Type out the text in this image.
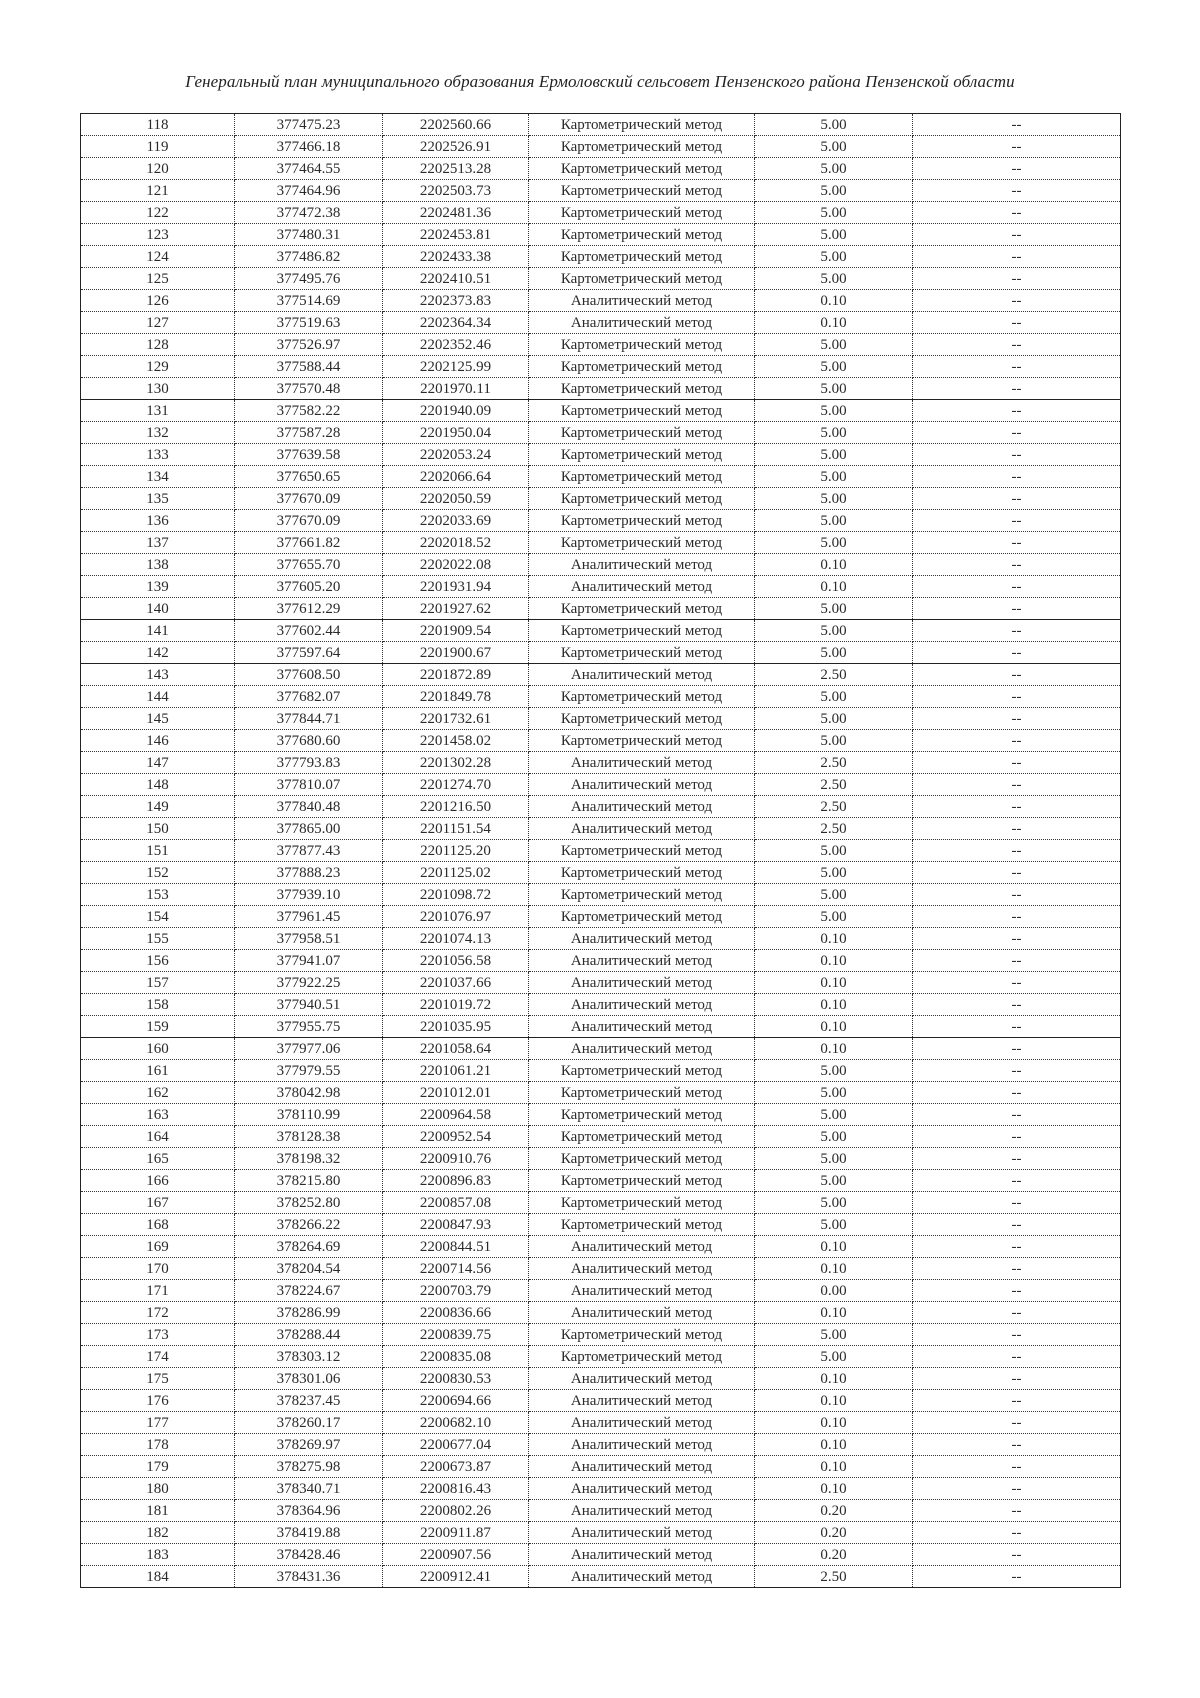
Генеральный план муниципального образования Ермоловский сельсовет Пензенского района Пензенской области
118	377475.23	2202560.66	Картометрический метод	5.00	--
119	377466.18	2202526.91	Картометрический метод	5.00	--
120	377464.55	2202513.28	Картометрический метод	5.00	--
121	377464.96	2202503.73	Картометрический метод	5.00	--
122	377472.38	2202481.36	Картометрический метод	5.00	--
123	377480.31	2202453.81	Картометрический метод	5.00	--
124	377486.82	2202433.38	Картометрический метод	5.00	--
125	377495.76	2202410.51	Картометрический метод	5.00	--
126	377514.69	2202373.83	Аналитический метод	0.10	--
127	377519.63	2202364.34	Аналитический метод	0.10	--
128	377526.97	2202352.46	Картометрический метод	5.00	--
129	377588.44	2202125.99	Картометрический метод	5.00	--
130	377570.48	2201970.11	Картометрический метод	5.00	--
131	377582.22	2201940.09	Картометрический метод	5.00	--
132	377587.28	2201950.04	Картометрический метод	5.00	--
133	377639.58	2202053.24	Картометрический метод	5.00	--
134	377650.65	2202066.64	Картометрический метод	5.00	--
135	377670.09	2202050.59	Картометрический метод	5.00	--
136	377670.09	2202033.69	Картометрический метод	5.00	--
137	377661.82	2202018.52	Картометрический метод	5.00	--
138	377655.70	2202022.08	Аналитический метод	0.10	--
139	377605.20	2201931.94	Аналитический метод	0.10	--
140	377612.29	2201927.62	Картометрический метод	5.00	--
141	377602.44	2201909.54	Картометрический метод	5.00	--
142	377597.64	2201900.67	Картометрический метод	5.00	--
143	377608.50	2201872.89	Аналитический метод	2.50	--
144	377682.07	2201849.78	Картометрический метод	5.00	--
145	377844.71	2201732.61	Картометрический метод	5.00	--
146	377680.60	2201458.02	Картометрический метод	5.00	--
147	377793.83	2201302.28	Аналитический метод	2.50	--
148	377810.07	2201274.70	Аналитический метод	2.50	--
149	377840.48	2201216.50	Аналитический метод	2.50	--
150	377865.00	2201151.54	Аналитический метод	2.50	--
151	377877.43	2201125.20	Картометрический метод	5.00	--
152	377888.23	2201125.02	Картометрический метод	5.00	--
153	377939.10	2201098.72	Картометрический метод	5.00	--
154	377961.45	2201076.97	Картометрический метод	5.00	--
155	377958.51	2201074.13	Аналитический метод	0.10	--
156	377941.07	2201056.58	Аналитический метод	0.10	--
157	377922.25	2201037.66	Аналитический метод	0.10	--
158	377940.51	2201019.72	Аналитический метод	0.10	--
159	377955.75	2201035.95	Аналитический метод	0.10	--
160	377977.06	2201058.64	Аналитический метод	0.10	--
161	377979.55	2201061.21	Картометрический метод	5.00	--
162	378042.98	2201012.01	Картометрический метод	5.00	--
163	378110.99	2200964.58	Картометрический метод	5.00	--
164	378128.38	2200952.54	Картометрический метод	5.00	--
165	378198.32	2200910.76	Картометрический метод	5.00	--
166	378215.80	2200896.83	Картометрический метод	5.00	--
167	378252.80	2200857.08	Картометрический метод	5.00	--
168	378266.22	2200847.93	Картометрический метод	5.00	--
169	378264.69	2200844.51	Аналитический метод	0.10	--
170	378204.54	2200714.56	Аналитический метод	0.10	--
171	378224.67	2200703.79	Аналитический метод	0.00	--
172	378286.99	2200836.66	Аналитический метод	0.10	--
173	378288.44	2200839.75	Картометрический метод	5.00	--
174	378303.12	2200835.08	Картометрический метод	5.00	--
175	378301.06	2200830.53	Аналитический метод	0.10	--
176	378237.45	2200694.66	Аналитический метод	0.10	--
177	378260.17	2200682.10	Аналитический метод	0.10	--
178	378269.97	2200677.04	Аналитический метод	0.10	--
179	378275.98	2200673.87	Аналитический метод	0.10	--
180	378340.71	2200816.43	Аналитический метод	0.10	--
181	378364.96	2200802.26	Аналитический метод	0.20	--
182	378419.88	2200911.87	Аналитический метод	0.20	--
183	378428.46	2200907.56	Аналитический метод	0.20	--
184	378431.36	2200912.41	Аналитический метод	2.50	--
